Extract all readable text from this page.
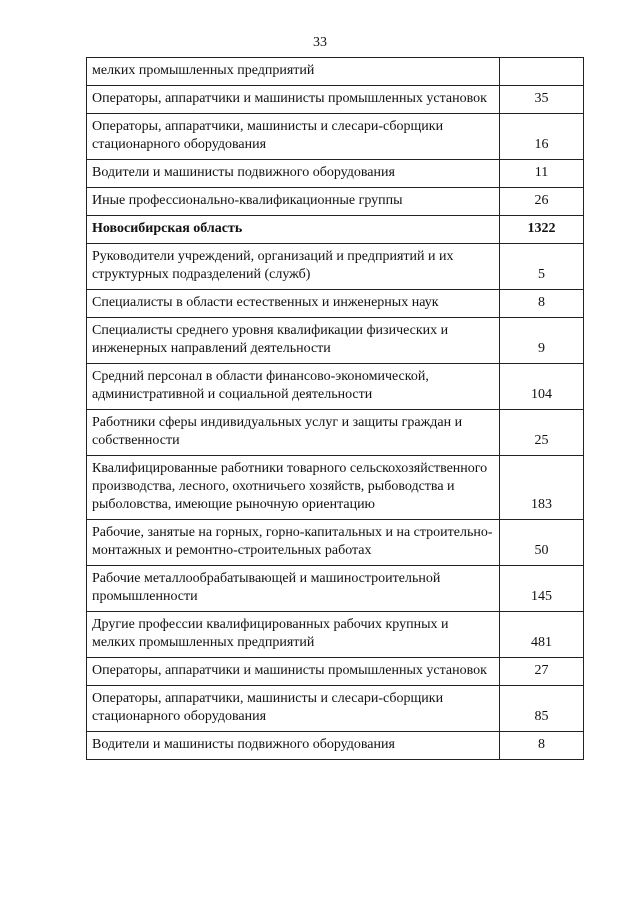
33
мелких промышленных предприятий	
Операторы, аппаратчики и машинисты промышленных установок	35
Операторы, аппаратчики, машинисты и слесари-сборщики стационарного оборудования	16
Водители и машинисты подвижного оборудования	11
Иные профессионально-квалификационные группы	26
Новосибирская область	1322
Руководители учреждений, организаций и предприятий и их структурных подразделений (служб)	5
Специалисты в области естественных и инженерных наук	8
Специалисты среднего уровня квалификации физических и инженерных направлений деятельности	9
Средний персонал в области финансово-экономической, административной и социальной деятельности	104
Работники сферы индивидуальных услуг и защиты граждан и собственности	25
Квалифицированные работники товарного сельскохозяйственного производства, лесного, охотничьего хозяйств, рыбоводства и рыболовства, имеющие рыночную ориентацию	183
Рабочие, занятые на горных, горно-капитальных и на строительно-монтажных и ремонтно-строительных работах	50
Рабочие металлообрабатывающей и машиностроительной промышленности	145
Другие профессии квалифицированных рабочих крупных и мелких промышленных предприятий	481
Операторы, аппаратчики и машинисты промышленных установок	27
Операторы, аппаратчики, машинисты и слесари-сборщики стационарного оборудования	85
Водители и машинисты подвижного оборудования	8
